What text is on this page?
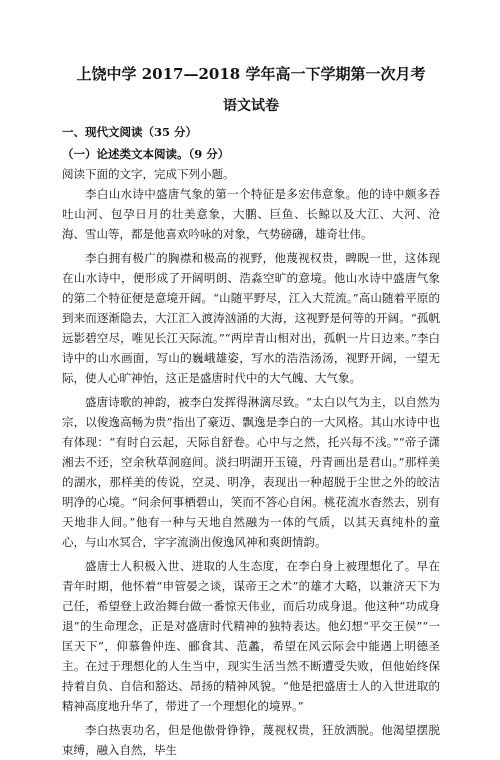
上饶中学 2017—2018 学年高一下学期第一次月考
语文试卷
一、现代文阅读（35 分）
（一）论述类文本阅读。（9 分）

阅读下面的文字，完成下列小题。

李白山水诗中盛唐气象的第一个特征是多宏伟意象。他的诗中颇多吞吐山河、包孕日月的壮美意象，大鹏、巨鱼、长鲸以及大江、大河、沧海、雪山等，都是他喜欢吟咏的对象，气势磅礴，雄奇壮伟。

李白拥有极广的胸襟和极高的视野，他蔑视权贵，睥睨一世，这体现在山水诗中，便形成了开阔明朗、浩淼空旷的意境。他山水诗中盛唐气象的第二个特征便是意境开阔。“山随平野尽，江入大荒流。”高山随着平原的到来而逐渐隐去，大江汇入渡涛汹涌的大海，这视野是何等的开阔。“孤帆远影碧空尽，唯见长江天际流。”“两岸青山相对出，孤帆一片日边来。”李白诗中的山水画面，写山的巍峨雄姿，写水的浩浩汤汤，视野开阔，一望无际，使人心旷神怡，这正是盛唐时代中的大气魄、大气象。

盛唐诗歌的神韵，被李白发挥得淋漓尽致。“太白以气为主，以自然为宗，以俊逸高畅为贵”指出了豪迈、飘逸是李白的一大风格。其山水诗中也有体现：“有时白云起，天际自舒卷。心中与之然，托兴每不浅。”“帝子潇湘去不还，空余秋草洞庭间。淡扫明湖开玉镜，丹青画出是君山。”那样美的湖水，那样美的传说，空灵、明净，表现出一种超脱于尘世之外的皎洁明净的心境。“问余何事栖碧山，笑而不答心自闲。桃花流水杳然去，别有天地非人间。”他有一种与天地自然融为一体的气质，以其天真纯朴的童心，与山水冥合，字字流淌出俊逸风神和爽朗情韵。

盛唐士人积极入世、进取的人生态度，在李白身上被理想化了。早在青年时期，他怀着“申管晏之谈，谋帝王之术”的雄才大略，以兼济天下为己任，希望登上政治舞台做一番惊天伟业，而后功成身退。他这种“功成身退”的生命理念，正是对盛唐时代精神的独特表达。他幻想“平交王侯”“一匡天下”，仰慕鲁仲连、郦食其、范蠡，希望在风云际会中能遇上明德圣主。在过于理想化的人生当中，现实生活当然不断遭受失败，但他始终保持着自负、自信和豁达、昂扬的精神风貌。“他是把盛唐士人的入世进取的精神高度地升华了，带进了一个理想化的境界。”

李白热衷功名，但是他傲骨铮铮，蔑视权贵，狂放洒脱。他渴望摆脱束缚，融入自然，毕生
